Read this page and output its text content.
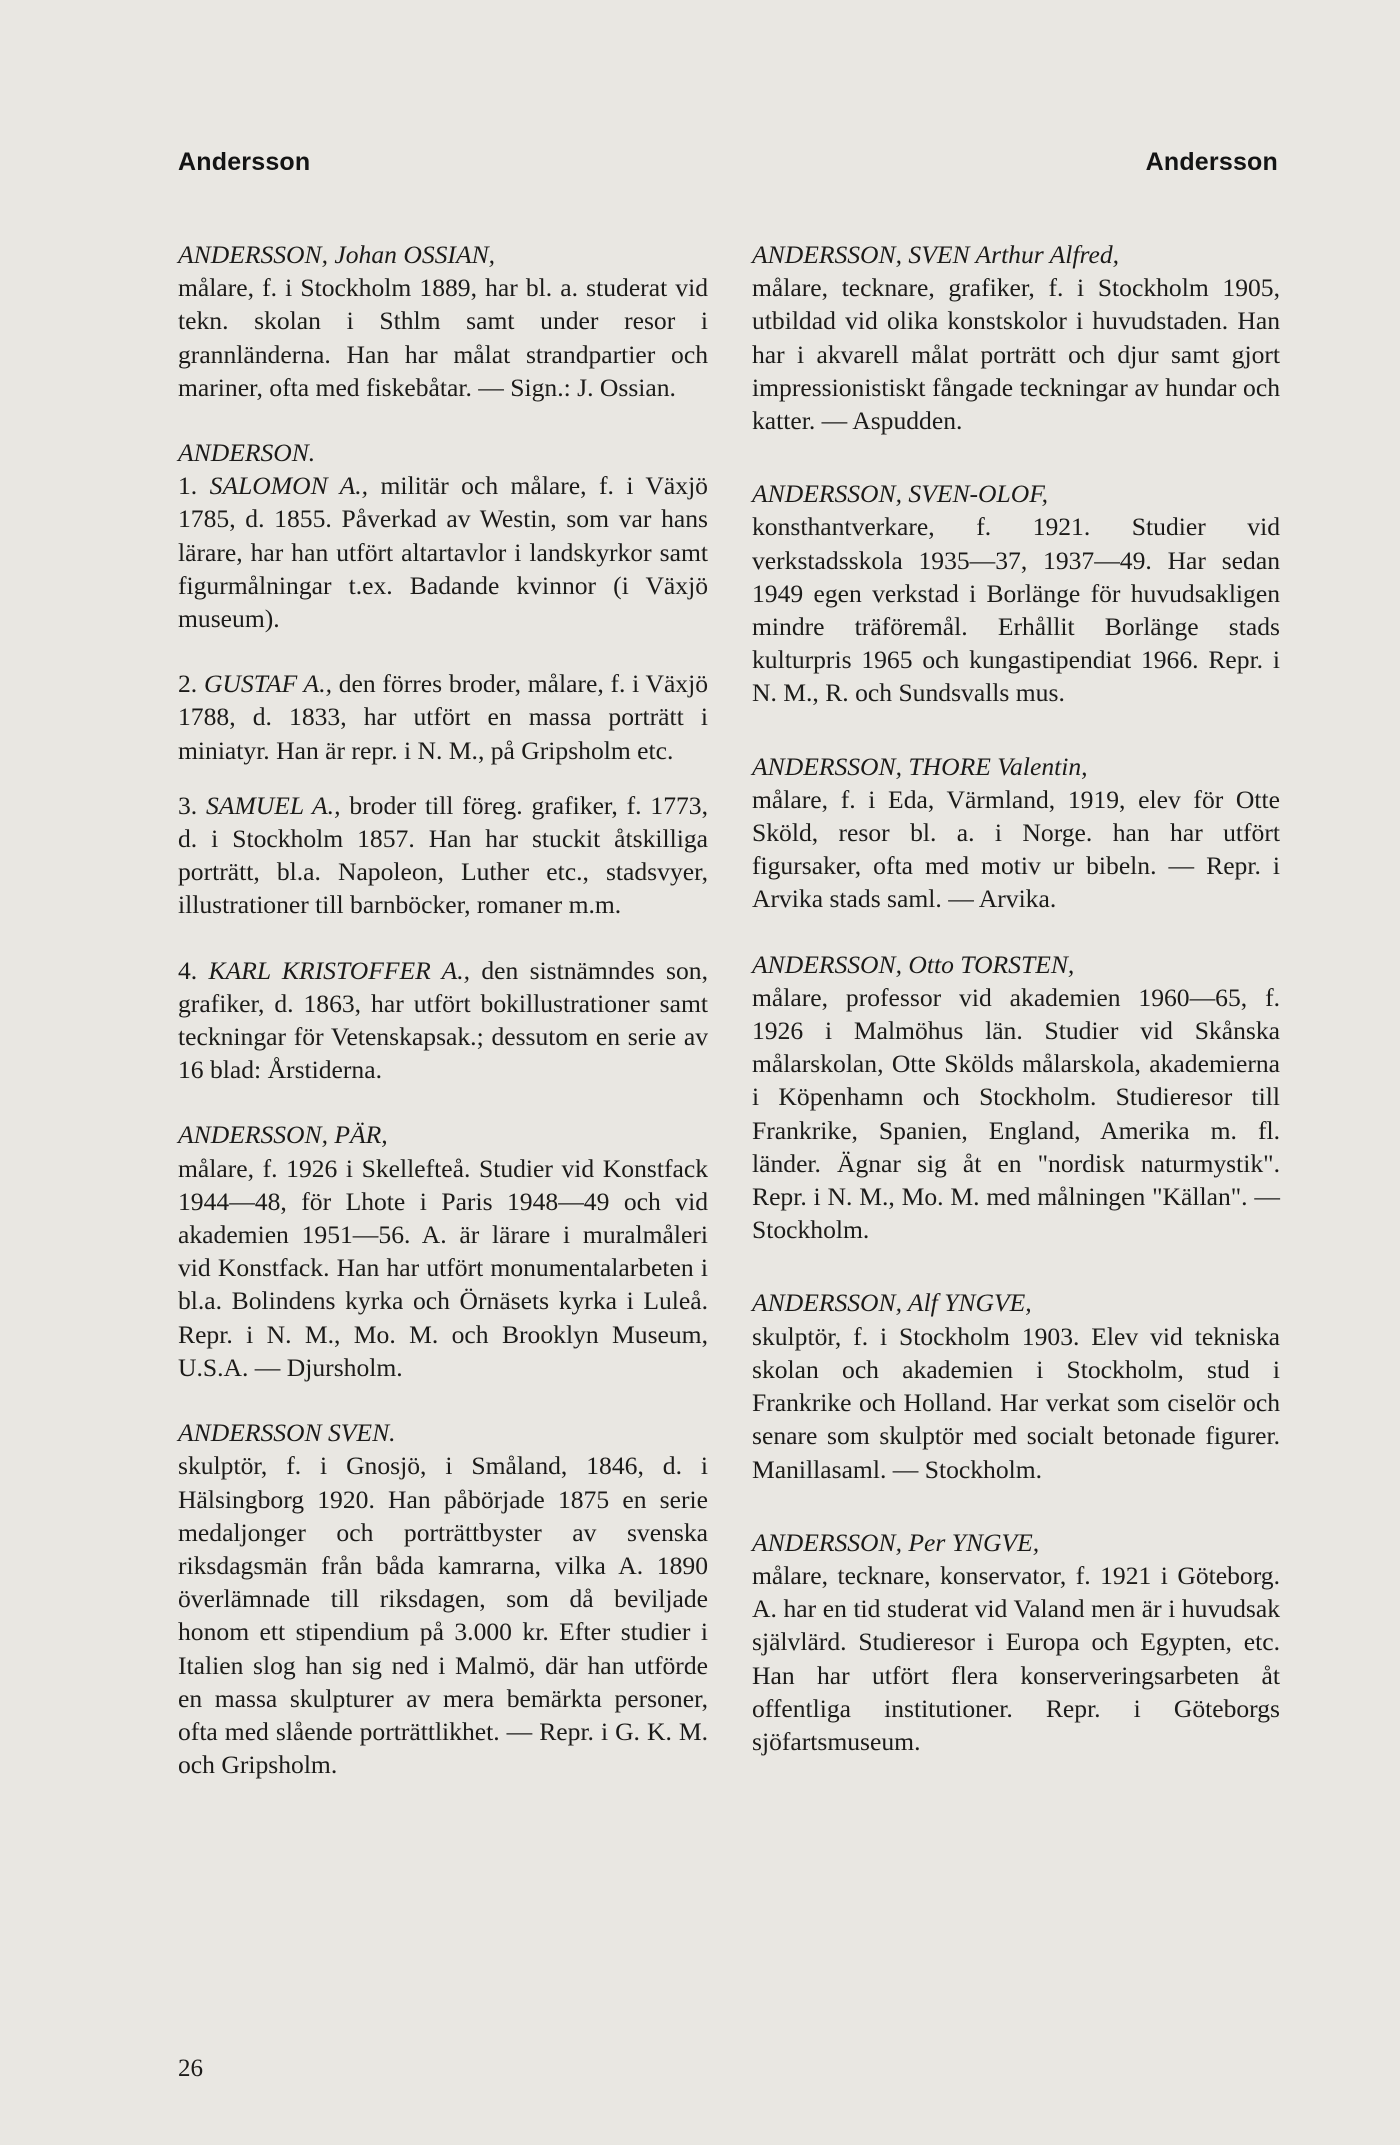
Andersson	Andersson
ANDERSSON, Johan OSSIAN,
målare, f. i Stockholm 1889, har bl. a. studerat vid tekn. skolan i Sthlm samt under resor i grannländerna. Han har målat strandpartier och mariner, ofta med fiskebåtar. — Sign.: J. Ossian.
ANDERSON.

1. SALOMON A., militär och målare, f. i Växjö 1785, d. 1855. Påverkad av Westin, som var hans lärare, har han utfört altartavlor i landskyrkor samt figurmålningar t.ex. Badande kvinnor (i Växjö museum).

2. GUSTAF A., den förres broder, målare, f. i Växjö 1788, d. 1833, har utfört en massa porträtt i miniatyr. Han är repr. i N. M., på Gripsholm etc.

3. SAMUEL A., broder till föreg. grafiker, f. 1773, d. i Stockholm 1857. Han har stuckit åtskilliga porträtt, bl.a. Napoleon, Luther etc., stadsvyer, illustrationer till barnböcker, romaner m.m.

4. KARL KRISTOFFER A., den sistnämndes son, grafiker, d. 1863, har utfört bokillustrationer samt teckningar för Vetenskapsak.; dessutom en serie av 16 blad: Årstiderna.

ANDERSSON, PÄR,
målare, f. 1926 i Skellefteå. Studier vid Konstfack 1944—48, för Lhote i Paris 1948—49 och vid akademien 1951—56. A. är lärare i muralmåleri vid Konstfack. Han har utfört monumentalarbeten i bl.a. Bolindens kyrka och Örnäsets kyrka i Luleå. Repr. i N. M., Mo. M. och Brooklyn Museum, U.S.A. — Djursholm.
ANDERSSON SVEN.
skulptör, f. i Gnosjö, i Småland, 1846, d. i Hälsingborg 1920. Han påbörjade 1875 en serie medaljonger och porträttbyster av svenska riksdagsmän från båda kamrarna, vilka A. 1890 överlämnade till riksdagen, som då beviljade honom ett stipendium på 3.000 kr. Efter studier i Italien slog han sig ned i Malmö, där han utförde en massa skulpturer av mera bemärkta personer, ofta med slående porträttlikhet. — Repr. i G. K. M. och Gripsholm.
ANDERSSON, SVEN Arthur Alfred,
målare, tecknare, grafiker, f. i Stockholm 1905, utbildad vid olika konstskolor i huvudstaden. Han har i akvarell målat porträtt och djur samt gjort impressionistiskt fångade teckningar av hundar och katter. — Aspudden.
ANDERSSON, SVEN-OLOF,
konsthantverkare, f. 1921. Studier vid verkstadsskola 1935—37, 1937—49. Har sedan 1949 egen verkstad i Borlänge för huvudsakligen mindre träföremål. Erhållit Borlänge stads kulturpris 1965 och kungastipendiat 1966. Repr. i N. M., R. och Sundsvalls mus.
ANDERSSON, THORE Valentin,
målare, f. i Eda, Värmland, 1919, elev för Otte Sköld, resor bl. a. i Norge. han har utfört figursaker, ofta med motiv ur bibeln. — Repr. i Arvika stads saml. — Arvika.
ANDERSSON, Otto TORSTEN,
målare, professor vid akademien 1960—65, f. 1926 i Malmöhus län. Studier vid Skånska målarskolan, Otte Skölds målarskola, akademierna i Köpenhamn och Stockholm. Studieresor till Frankrike, Spanien, England, Amerika m. fl. länder. Ägnar sig åt en "nordisk naturmystik". Repr. i N. M., Mo. M. med målningen "Källan". — Stockholm.
ANDERSSON, Alf YNGVE,
skulptör, f. i Stockholm 1903. Elev vid tekniska skolan och akademien i Stockholm, stud i Frankrike och Holland. Har verkat som ciselör och senare som skulptör med socialt betonade figurer. Manillasaml. — Stockholm.
ANDERSSON, Per YNGVE,
målare, tecknare, konservator, f. 1921 i Göteborg. A. har en tid studerat vid Valand men är i huvudsak självlärd. Studieresor i Europa och Egypten, etc. Han har utfört flera konserveringsarbeten åt offentliga institutioner. Repr. i Göteborgs sjöfartsmuseum.
26
